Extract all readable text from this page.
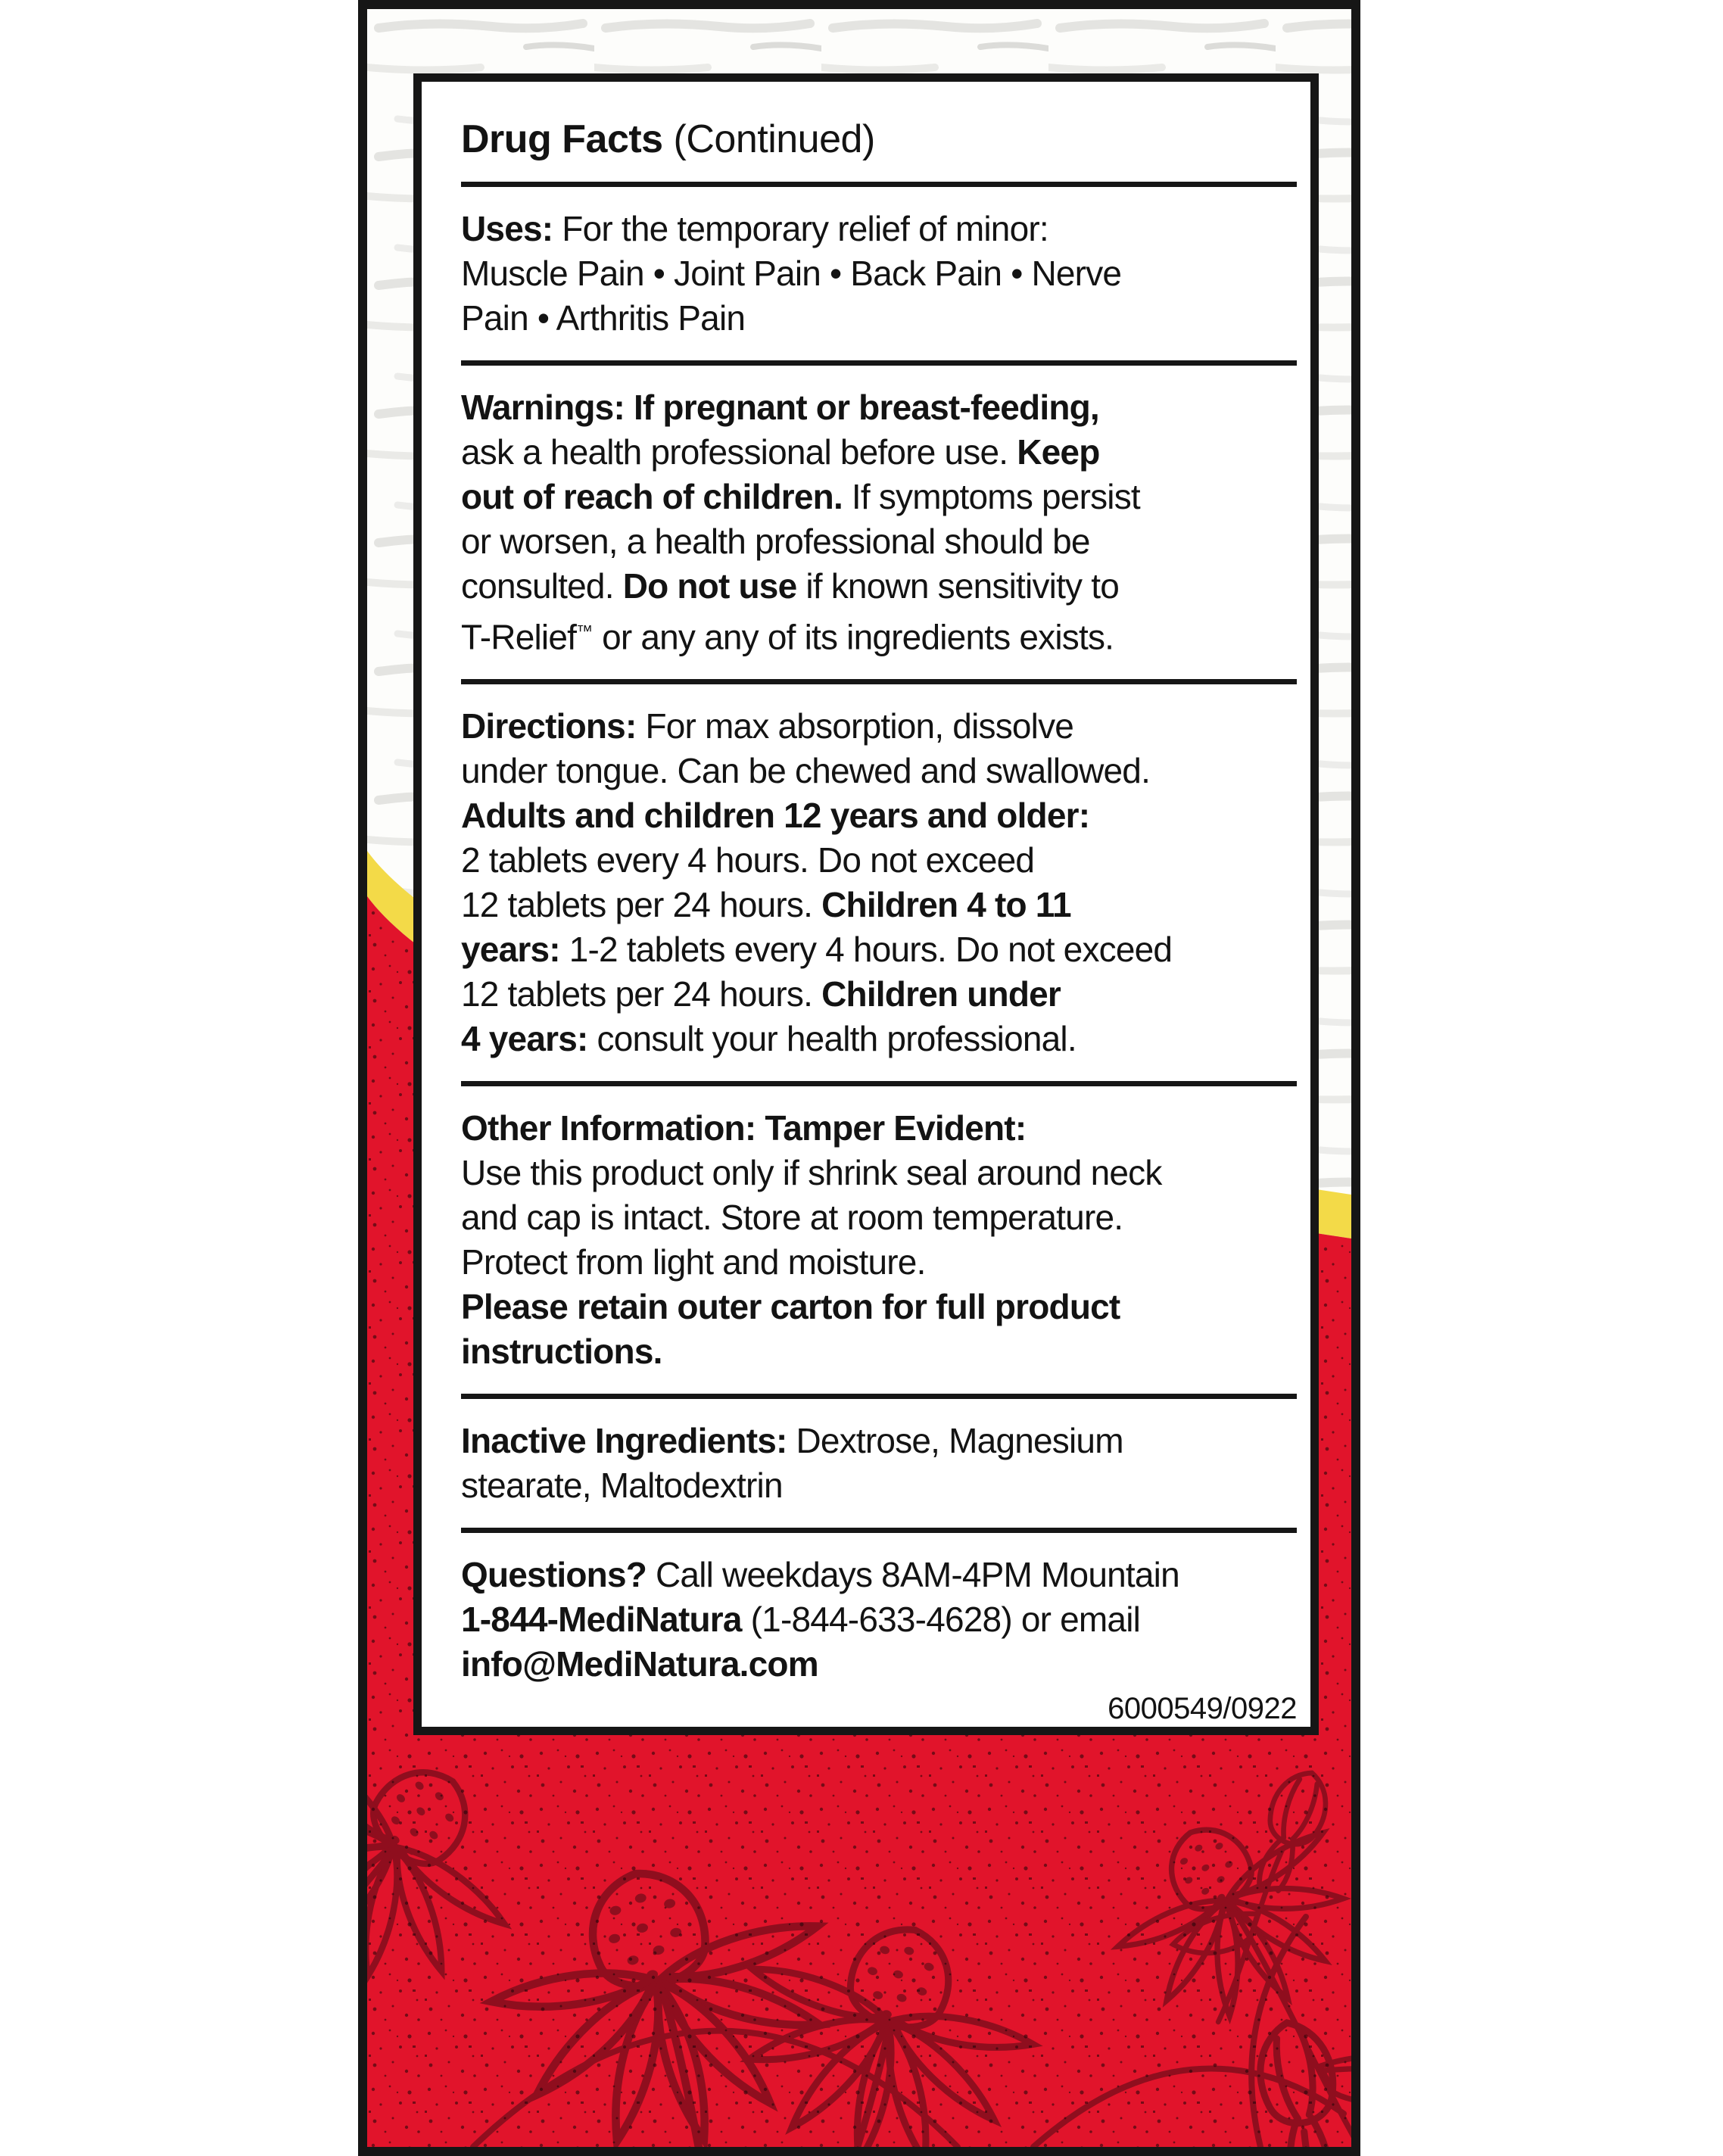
Drug Facts (Continued)
Uses: For the temporary relief of minor:
Muscle Pain • Joint Pain • Back Pain • Nerve
Pain • Arthritis Pain
Warnings: If pregnant or breast-feeding,
ask a health professional before use. Keep
out of reach of children. If symptoms persist
or worsen, a health professional should be
consulted. Do not use if known sensitivity to
T-Relief™ or any any of its ingredients exists.
Directions: For max absorption, dissolve
under tongue. Can be chewed and swallowed.
Adults and children 12 years and older:
2 tablets every 4 hours. Do not exceed
12 tablets per 24 hours. Children 4 to 11
years: 1-2 tablets every 4 hours. Do not exceed
12 tablets per 24 hours. Children under
4 years: consult your health professional.
Other Information: Tamper Evident:
Use this product only if shrink seal around neck
and cap is intact. Store at room temperature.
Protect from light and moisture.
Please retain outer carton for full product
instructions.
Inactive Ingredients: Dextrose, Magnesium
stearate, Maltodextrin
Questions? Call weekdays 8AM-4PM Mountain
1-844-MediNatura (1-844-633-4628) or email
info@MediNatura.com
6000549/0922
